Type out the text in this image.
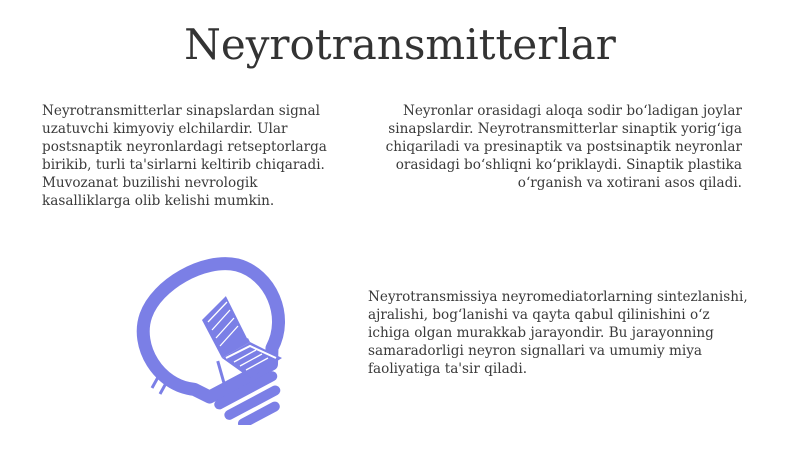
Neyrotransmitterlar

Neyrotransmitterlar sinapslardan signal uzatuvchi kimyoviy elchilardir. Ular postsnaptik neyronlardagi retseptorlarga birikib, turli ta'sirlarni keltirib chiqaradi. Muvozanat buzilishi nevrologik kasalliklarga olib kelishi mumkin.

Neyronlar orasidagi aloqa sodir bo‘ladigan joylar sinapslardir. Neyrotransmitterlar sinaptik yorig‘iga chiqariladi va presinaptik va postsinaptik neyronlar orasidagi bo‘shliqni ko‘priklaydi. Sinaptik plastika o‘rganish va xotirani asos qiladi.

Neyrotransmissiya neyromediatorlarning sintezlanishi, ajralishi, bog‘lanishi va qayta qabul qilinishini o‘z ichiga olgan murakkab jarayondir. Bu jarayonning samaradorligi neyron signallari va umumiy miya faoliyatiga ta'sir qiladi.
